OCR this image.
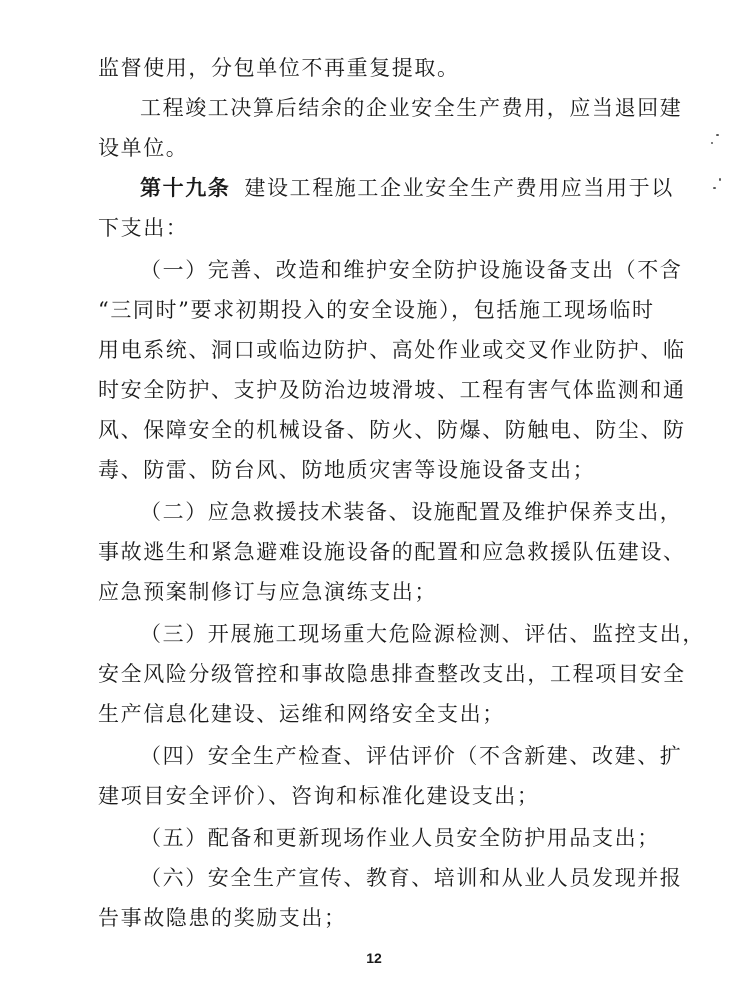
监督使用，分包单位不再重复提取。
工程竣工决算后结余的企业安全生产费用，应当退回建
设单位。
第十九条 建设工程施工企业安全生产费用应当用于以
下支出：
（一）完善、改造和维护安全防护设施设备支出（不含
“三同时”要求初期投入的安全设施），包括施工现场临时
用电系统、洞口或临边防护、高处作业或交叉作业防护、临
时安全防护、支护及防治边坡滑坡、工程有害气体监测和通
风、保障安全的机械设备、防火、防爆、防触电、防尘、防
毒、防雷、防台风、防地质灾害等设施设备支出；
（二）应急救援技术装备、设施配置及维护保养支出，
事故逃生和紧急避难设施设备的配置和应急救援队伍建设、
应急预案制修订与应急演练支出；
（三）开展施工现场重大危险源检测、评估、监控支出，
安全风险分级管控和事故隐患排查整改支出，工程项目安全
生产信息化建设、运维和网络安全支出；
（四）安全生产检查、评估评价（不含新建、改建、扩
建项目安全评价）、咨询和标准化建设支出；
（五）配备和更新现场作业人员安全防护用品支出；
（六）安全生产宣传、教育、培训和从业人员发现并报
告事故隐患的奖励支出；
12
